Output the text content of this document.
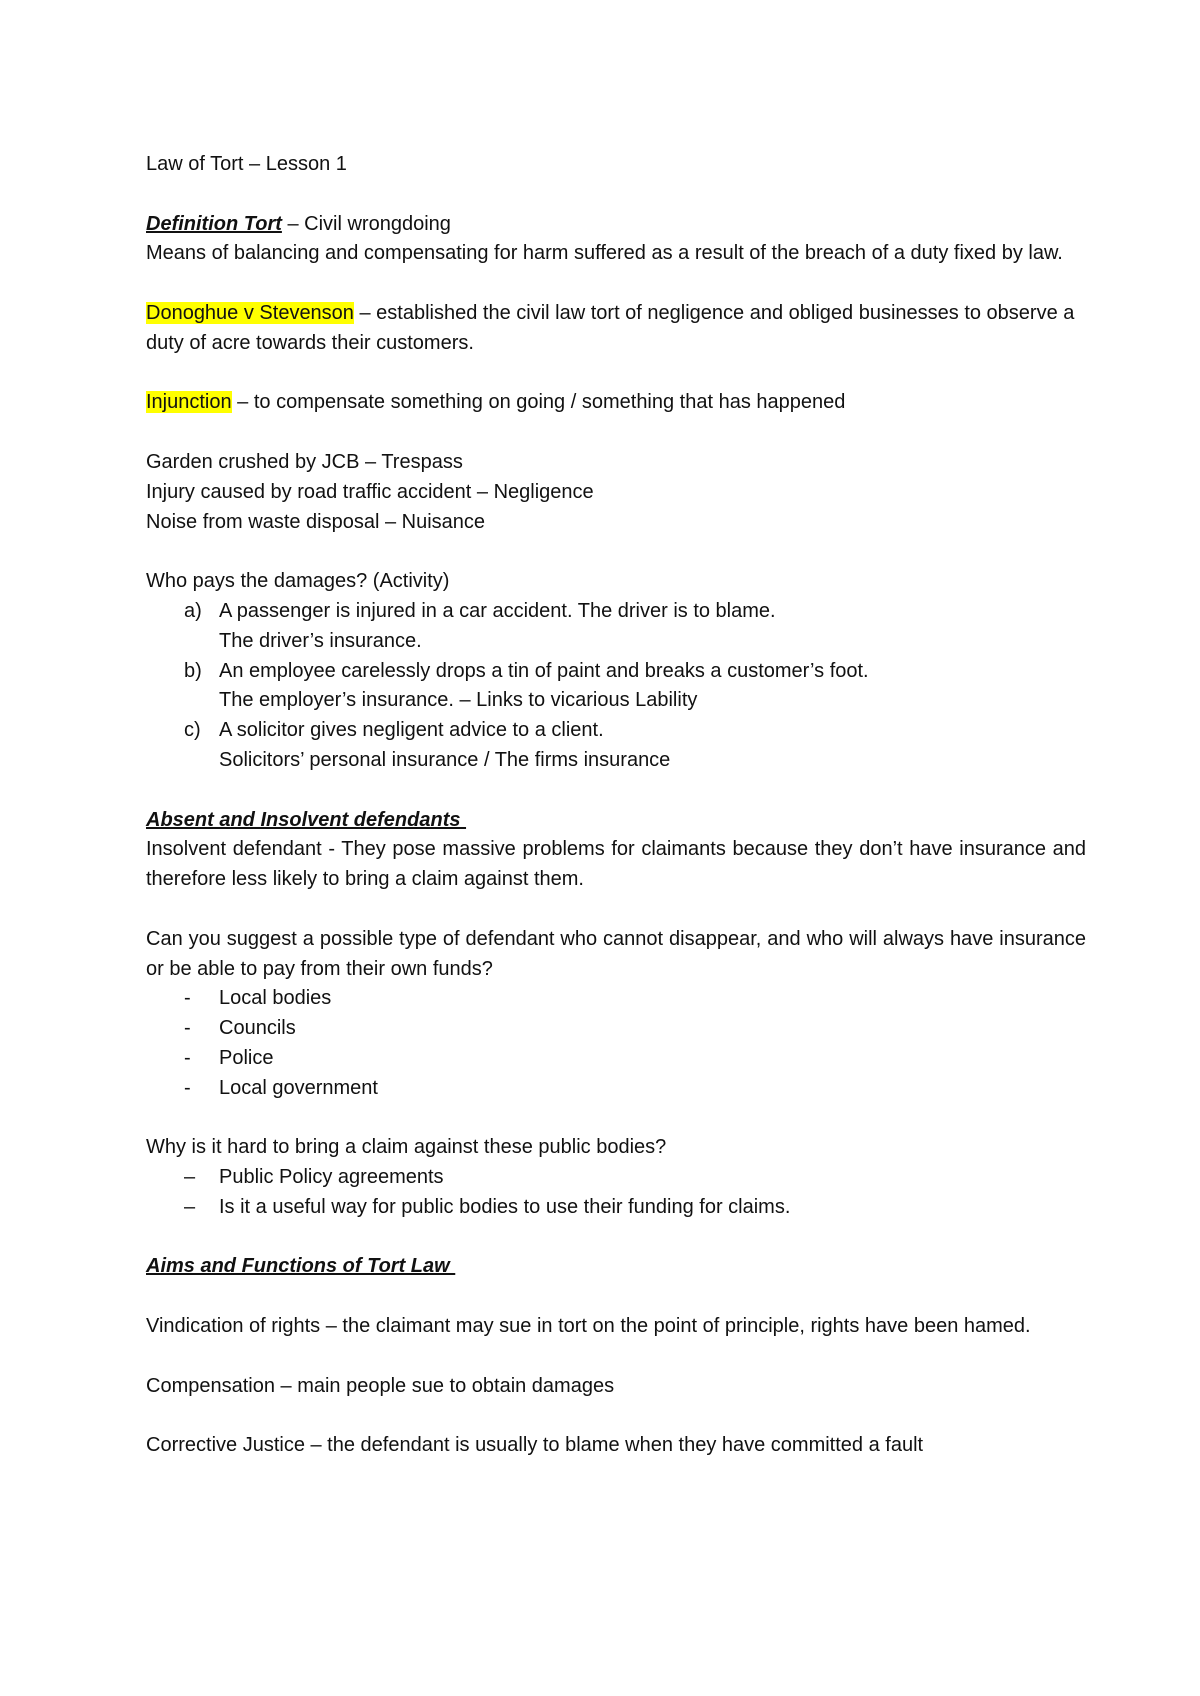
Law of Tort – Lesson 1
Definition Tort – Civil wrongdoing
Means of balancing and compensating for harm suffered as a result of the breach of a duty fixed by law.
Donoghue v Stevenson – established the civil law tort of negligence and obliged businesses to observe a duty of acre towards their customers.
Injunction – to compensate something on going / something that has happened
Garden crushed by JCB – Trespass
Injury caused by road traffic accident – Negligence
Noise from waste disposal – Nuisance
Who pays the damages? (Activity)
a) A passenger is injured in a car accident. The driver is to blame.
The driver’s insurance.
b) An employee carelessly drops a tin of paint and breaks a customer’s foot.
The employer’s insurance. – Links to vicarious Lability
c) A solicitor gives negligent advice to a client.
Solicitors’ personal insurance / The firms insurance
Absent and Insolvent defendants
Insolvent defendant - They pose massive problems for claimants because they don’t have insurance and therefore less likely to bring a claim against them.
Can you suggest a possible type of defendant who cannot disappear, and who will always have insurance or be able to pay from their own funds?
-	Local bodies
-	Councils
-	Police
-	Local government
Why is it hard to bring a claim against these public bodies?
–	Public Policy agreements
–	Is it a useful way for public bodies to use their funding for claims.
Aims and Functions of Tort Law
Vindication of rights – the claimant may sue in tort on the point of principle, rights have been hamed.
Compensation – main people sue to obtain damages
Corrective Justice – the defendant is usually to blame when they have committed a fault
